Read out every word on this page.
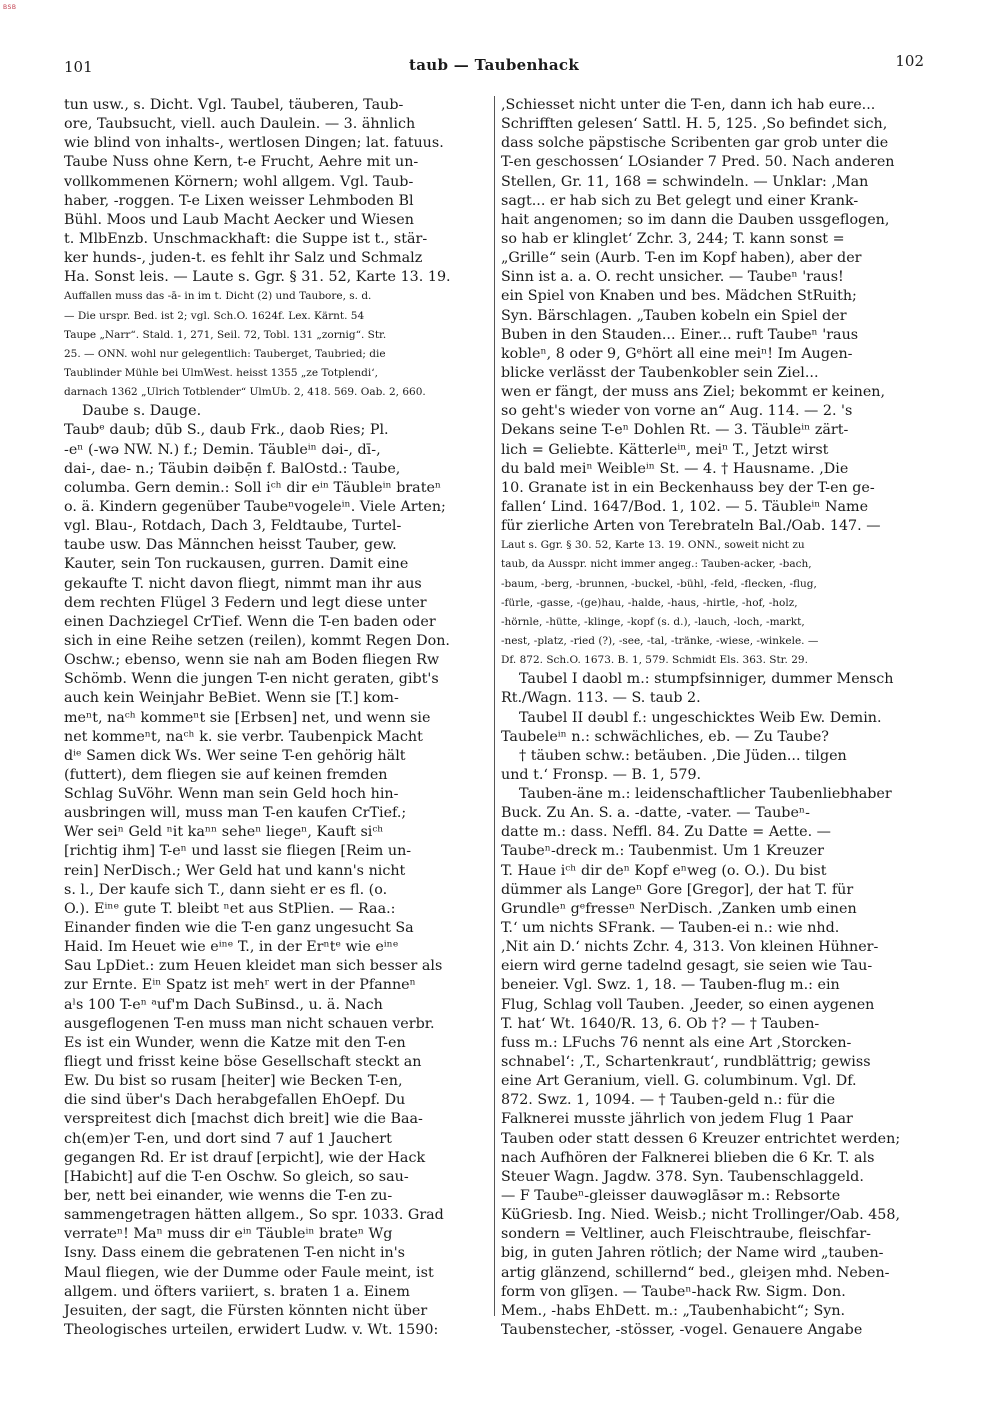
BSB
101	taub — Taubenhack	102
tun usw., s. Dicht. Vgl. Taubel, täuberen, Taub-
ore, Taubsucht, viell. auch Daulein. — 3. ähnlich
wie blind von inhalts-, wertlosen Dingen; lat. fatuus.
Taube Nuss ohne Kern, t-e Frucht, Aehre mit un-
vollkommenen Körnern; wohl allgem. Vgl. Taub-
haber, -roggen. T-e Lixen weisser Lehmboden Bl
Bühl. Moos und Laub Macht Aecker und Wiesen
t. MlbEnzb. Unschmackhaft: die Suppe ist t., stär-
ker hunds-, juden-t. es fehlt ihr Salz und Schmalz
Ha. Sonst leis. — Laute s. Ggr. § 31. 52, Karte 13. 19.
Auffallen muss das -ā- in im t. Dicht (2) und Taubore, s. d.
— Die urspr. Bed. ist 2; vgl. Sch.O. 1624f. Lex. Kärnt. 54
Taupe „Narr“. Stald. 1, 271, Seil. 72, Tobl. 131 „zornig“. Str.
25. — ONN. wohl nur gelegentlich: Tauberget, Taubried; die
Taublinder Mühle bei UlmWest. heisst 1355 „ze Totplendi‘,
darnach 1362 „Ulrich Totblender“ UlmUb. 2, 418. 569. Oab. 2, 660.
Daube s. Dauge.
Taubᵉ daub; dūb S., daub Frk., daob Ries; Pl.
-eⁿ (-wə NW. N.) f.; Demin. Täubleⁱⁿ dəi-, dī-,
dai-, dae- n.; Täubin dəibẹ̄n f. BalOstd.: Taube,
columba. Gern demin.: Soll iᶜʰ dir eⁱⁿ Täubleⁱⁿ brateⁿ
o. ä. Kindern gegenüber Taubeⁿvogeleⁱⁿ. Viele Arten;
vgl. Blau-, Rotdach, Dach 3, Feldtaube, Turtel-
taube usw. Das Männchen heisst Tauber, gew.
Kauter, sein Ton ruckausen, gurren. Damit eine
gekaufte T. nicht davon fliegt, nimmt man ihr aus
dem rechten Flügel 3 Federn und legt diese unter
einen Dachziegel CrTief. Wenn die T-en baden oder
sich in eine Reihe setzen (reilen), kommt Regen Don.
Oschw.; ebenso, wenn sie nah am Boden fliegen Rw
Schömb. Wenn die jungen T-en nicht geraten, gibt's
auch kein Weinjahr BeBiet. Wenn sie [T.] kom-
meⁿt, naᶜʰ kommeⁿt sie [Erbsen] net, und wenn sie
net kommeⁿt, naᶜʰ k. sie verbr. Taubenpick Macht
dⁱᵉ Samen dick Ws. Wer seine T-en gehörig hält
(futtert), dem fliegen sie auf keinen fremden
Schlag SuVöhr. Wenn man sein Geld hoch hin-
ausbringen will, muss man T-en kaufen CrTief.;
Wer seiⁿ Geld ⁿit kaⁿⁿ seheⁿ liegeⁿ, Kauft siᶜʰ
[richtig ihm] T-eⁿ und lasst sie fliegen [Reim un-
rein] NerDisch.; Wer Geld hat und kann's nicht
s. l., Der kaufe sich T., dann sieht er es fl. (o.
O.). Eⁱⁿᵉ gute T. bleibt ⁿet aus StPlien. — Raa.:
Einander finden wie die T-en ganz ungesucht Sa
Haid. Im Heuet wie eⁱⁿᵉ T., in der Erⁿtᵉ wie eⁱⁿᵉ
Sau LpDiet.: zum Heuen kleidet man sich besser als
zur Ernte. Eⁱⁿ Spatz ist mehʳ wert in der Pfanneⁿ
aˡs 100 T-eⁿ ᵃuf'm Dach SuBinsd., u. ä. Nach
ausgeflogenen T-en muss man nicht schauen verbr.
Es ist ein Wunder, wenn die Katze mit den T-en
fliegt und frisst keine böse Gesellschaft steckt an
Ew. Du bist so rusam [heiter] wie Becken T-en,
die sind über's Dach herabgefallen EhOepf. Du
verspreitest dich [machst dich breit] wie die Baa-
ch(em)er T-en, und dort sind 7 auf 1 Jauchert
gegangen Rd. Er ist drauf [erpicht], wie der Hack
[Habicht] auf die T-en Oschw. So gleich, so sau-
ber, nett bei einander, wie wenns die T-en zu-
sammengetragen hätten allgem., So spr. 1033. Grad
verrateⁿ! Maⁿ muss dir eⁱⁿ Täubleⁱⁿ brateⁿ Wg
Isny. Dass einem die gebratenen T-en nicht in's
Maul fliegen, wie der Dumme oder Faule meint, ist
allgem. und öfters variiert, s. braten 1 a. Einem
Jesuiten, der sagt, die Fürsten könnten nicht über
Theologisches urteilen, erwidert Ludw. v. Wt. 1590:
,Schiesset nicht unter die T-en, dann ich hab eure...
Schrifften gelesen‘ Sattl. H. 5, 125. ,So befindet sich,
dass solche päpstische Scribenten gar grob unter die
T-en geschossen‘ LOsiander 7 Pred. 50. Nach anderen
Stellen, Gr. 11, 168 = schwindeln. — Unklar: ,Man
sagt... er hab sich zu Bet gelegt und einer Krank-
hait angenomen; so im dann die Dauben ussgeflogen,
so hab er klinglet‘ Zchr. 3, 244; T. kann sonst =
„Grille“ sein (Aurb. T-en im Kopf haben), aber der
Sinn ist a. a. O. recht unsicher. — Taubeⁿ 'raus!
ein Spiel von Knaben und bes. Mädchen StRuith;
Syn. Bärschlagen. „Tauben kobeln ein Spiel der
Buben in den Stauden... Einer... ruft Taubeⁿ 'raus
kobleⁿ, 8 oder 9, Gᵉhört all eine meiⁿ! Im Augen-
blicke verlässt der Taubenkobler sein Ziel...
wen er fängt, der muss ans Ziel; bekommt er keinen,
so geht's wieder von vorne an“ Aug. 114. — 2. 's
Dekans seine T-eⁿ Dohlen Rt. — 3. Täubleⁱⁿ zärt-
lich = Geliebte. Kätterleⁱⁿ, meiⁿ T., Jetzt wirst
du bald meiⁿ Weibleⁱⁿ St. — 4. † Hausname. ,Die
10. Granate ist in ein Beckenhauss bey der T-en ge-
fallen‘ Lind. 1647/Bod. 1, 102. — 5. Täubleⁱⁿ Name
für zierliche Arten von Terebrateln Bal./Oab. 147. —
Laut s. Ggr. § 30. 52, Karte 13. 19. ONN., soweit nicht zu
taub, da Ausspr. nicht immer angeg.: Tauben-acker, -bach,
-baum, -berg, -brunnen, -buckel, -bühl, -feld, -flecken, -flug,
-fürle, -gasse, -(ge)hau, -halde, -haus, -hirtle, -hof, -holz,
-hörnle, -hütte, -klinge, -kopf (s. d.), -lauch, -loch, -markt,
-nest, -platz, -ried (?), -see, -tal, -tränke, -wiese, -winkele. —
Df. 872. Sch.O. 1673. B. 1, 579. Schmidt Els. 363. Str. 29.
Taubel I daobl m.: stumpfsinniger, dummer Mensch
Rt./Wagn. 113. — S. taub 2.
Taubel II dəubl f.: ungeschicktes Weib Ew. Demin.
Taubeleⁱⁿ n.: schwächliches, eb. — Zu Taube?
† täuben schw.: betäuben. ,Die Jüden... tilgen
und t.‘ Fronsp. — B. 1, 579.
Tauben-äne m.: leidenschaftlicher Taubenliebhaber
Buck. Zu An. S. a. -datte, -vater. — Taubeⁿ-
datte m.: dass. Neffl. 84. Zu Datte = Aette. —
Taubeⁿ-dreck m.: Taubenmist. Um 1 Kreuzer
T. Haue iᶜʰ dir deⁿ Kopf eⁿweg (o. O.). Du bist
dümmer als Langeⁿ Gore [Gregor], der hat T. für
Grundleⁿ gᵉfresseⁿ NerDisch. ,Zanken umb einen
T.‘ um nichts SFrank. — Tauben-ei n.: wie nhd.
,Nit ain D.‘ nichts Zchr. 4, 313. Von kleinen Hühner-
eiern wird gerne tadelnd gesagt, sie seien wie Tau-
beneier. Vgl. Swz. 1, 18. — Tauben-flug m.: ein
Flug, Schlag voll Tauben. ,Jeeder, so einen aygenen
T. hat‘ Wt. 1640/R. 13, 6. Ob †? — † Tauben-
fuss m.: LFuchs 76 nennt als eine Art ,Storcken-
schnabel‘: ,T., Schartenkraut‘, rundblättrig; gewiss
eine Art Geranium, viell. G. columbinum. Vgl. Df.
872. Swz. 1, 1094. — † Tauben-geld n.: für die
Falknerei musste jährlich von jedem Flug 1 Paar
Tauben oder statt dessen 6 Kreuzer entrichtet werden;
nach Aufhören der Falknerei blieben die 6 Kr. T. als
Steuer Wagn. Jagdw. 378. Syn. Taubenschlaggeld.
— F Taubeⁿ-gleisser dauwəglāsər m.: Rebsorte
KüGriesb. Ing. Nied. Weisb.; nicht Trollinger/Oab. 458,
sondern = Veltliner, auch Fleischtraube, fleischfar-
big, in guten Jahren rötlich; der Name wird „tauben-
artig glänzend, schillernd“ bed., gleiȝen mhd. Neben-
form von glīȝen. — Taubeⁿ-hack Rw. Sigm. Don.
Mem., -habs EhDett. m.: „Taubenhabicht“; Syn.
Taubenstecher, -stösser, -vogel. Genauere Angabe
